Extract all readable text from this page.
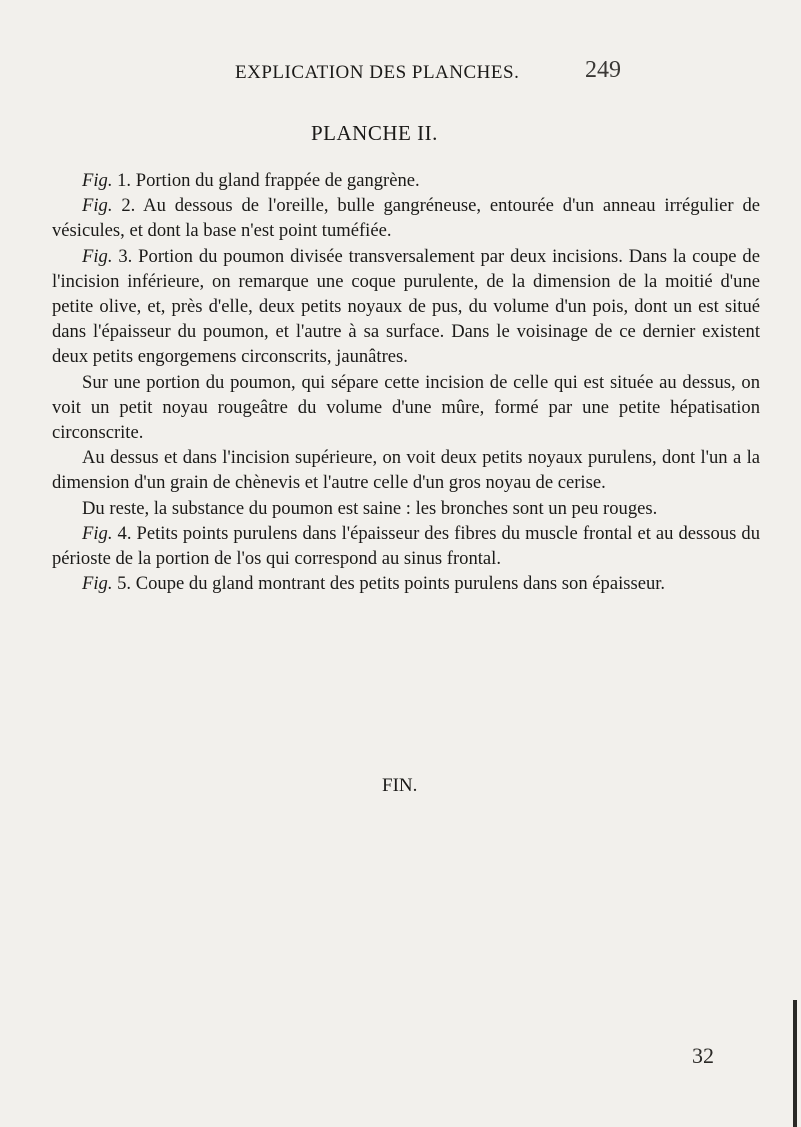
EXPLICATION DES PLANCHES.	249
PLANCHE II.

Fig. 1. Portion du gland frappée de gangrène.

Fig. 2. Au dessous de l'oreille, bulle gangréneuse, entourée d'un anneau irrégulier de vésicules, et dont la base n'est point tuméfiée.

Fig. 3. Portion du poumon divisée transversalement par deux incisions. Dans la coupe de l'incision inférieure, on remarque une coque purulente, de la dimension de la moitié d'une petite olive, et, près d'elle, deux petits noyaux de pus, du volume d'un pois, dont un est situé dans l'épaisseur du poumon, et l'autre à sa surface. Dans le voisinage de ce dernier existent deux petits engorgemens circonscrits, jaunâtres.

Sur une portion du poumon, qui sépare cette incision de celle qui est située au dessus, on voit un petit noyau rougeâtre du volume d'une mûre, formé par une petite hépatisation circonscrite.

Au dessus et dans l'incision supérieure, on voit deux petits noyaux purulens, dont l'un a la dimension d'un grain de chènevis et l'autre celle d'un gros noyau de cerise.

Du reste, la substance du poumon est saine : les bronches sont un peu rouges.

Fig. 4. Petits points purulens dans l'épaisseur des fibres du muscle frontal et au dessous du périoste de la portion de l'os qui correspond au sinus frontal.

Fig. 5. Coupe du gland montrant des petits points purulens dans son épaisseur.

FIN.
32
